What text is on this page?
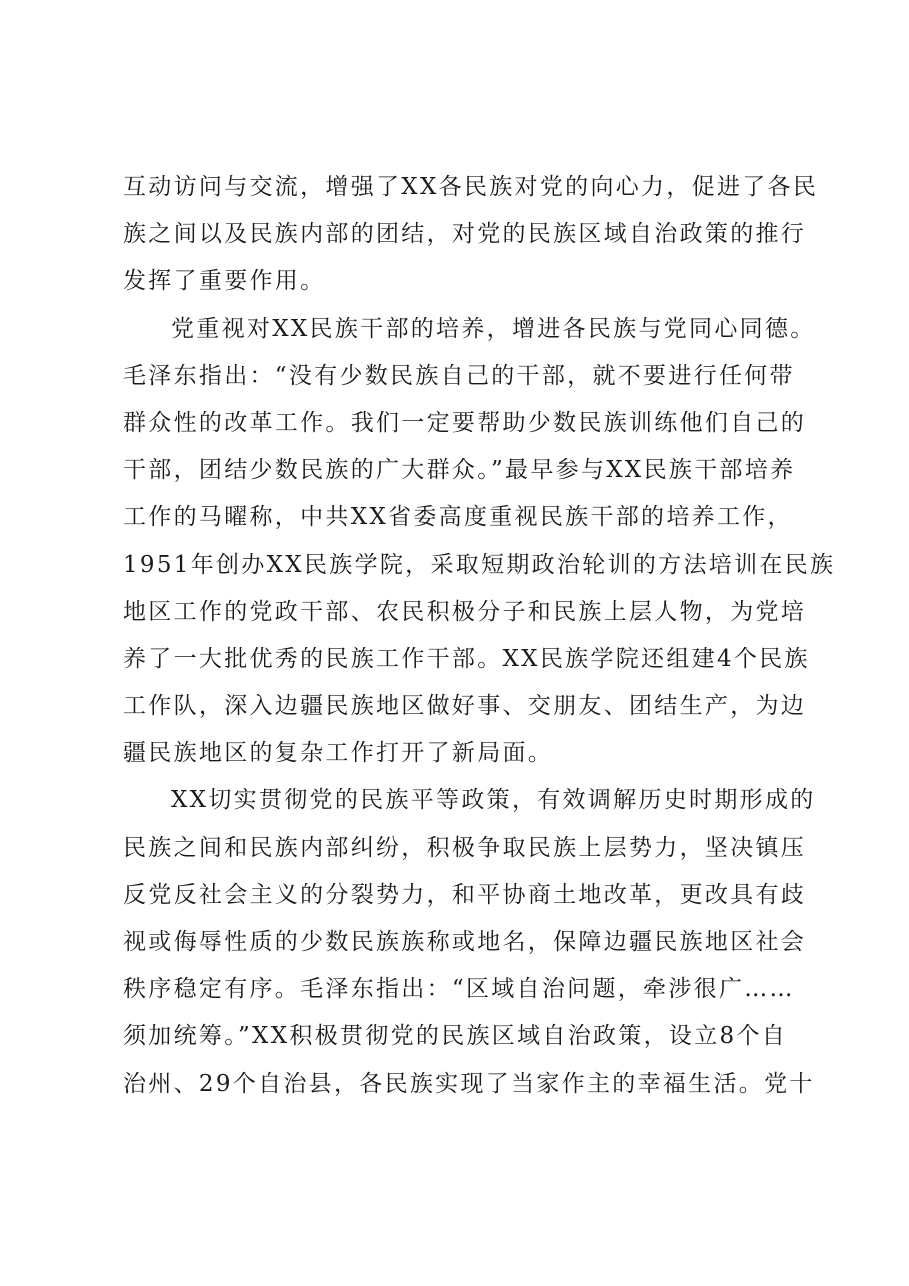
互动访问与交流，增强了XX各民族对党的向心力，促进了各民
族之间以及民族内部的团结，对党的民族区域自治政策的推行
发挥了重要作用。
党重视对XX民族干部的培养，增进各民族与党同心同德。
毛泽东指出：“没有少数民族自己的干部，就不要进行任何带
群众性的改革工作。我们一定要帮助少数民族训练他们自己的
干部，团结少数民族的广大群众。”最早参与XX民族干部培养
工作的马曜称，中共XX省委高度重视民族干部的培养工作，
1951年创办XX民族学院，采取短期政治轮训的方法培训在民族
地区工作的党政干部、农民积极分子和民族上层人物，为党培
养了一大批优秀的民族工作干部。XX民族学院还组建4个民族
工作队，深入边疆民族地区做好事、交朋友、团结生产，为边
疆民族地区的复杂工作打开了新局面。
XX切实贯彻党的民族平等政策，有效调解历史时期形成的
民族之间和民族内部纠纷，积极争取民族上层势力，坚决镇压
反党反社会主义的分裂势力，和平协商土地改革，更改具有歧
视或侮辱性质的少数民族族称或地名，保障边疆民族地区社会
秩序稳定有序。毛泽东指出：“区域自治问题，牵涉很广……
须加统筹。”XX积极贯彻党的民族区域自治政策，设立8个自
治州、29个自治县，各民族实现了当家作主的幸福生活。党十
